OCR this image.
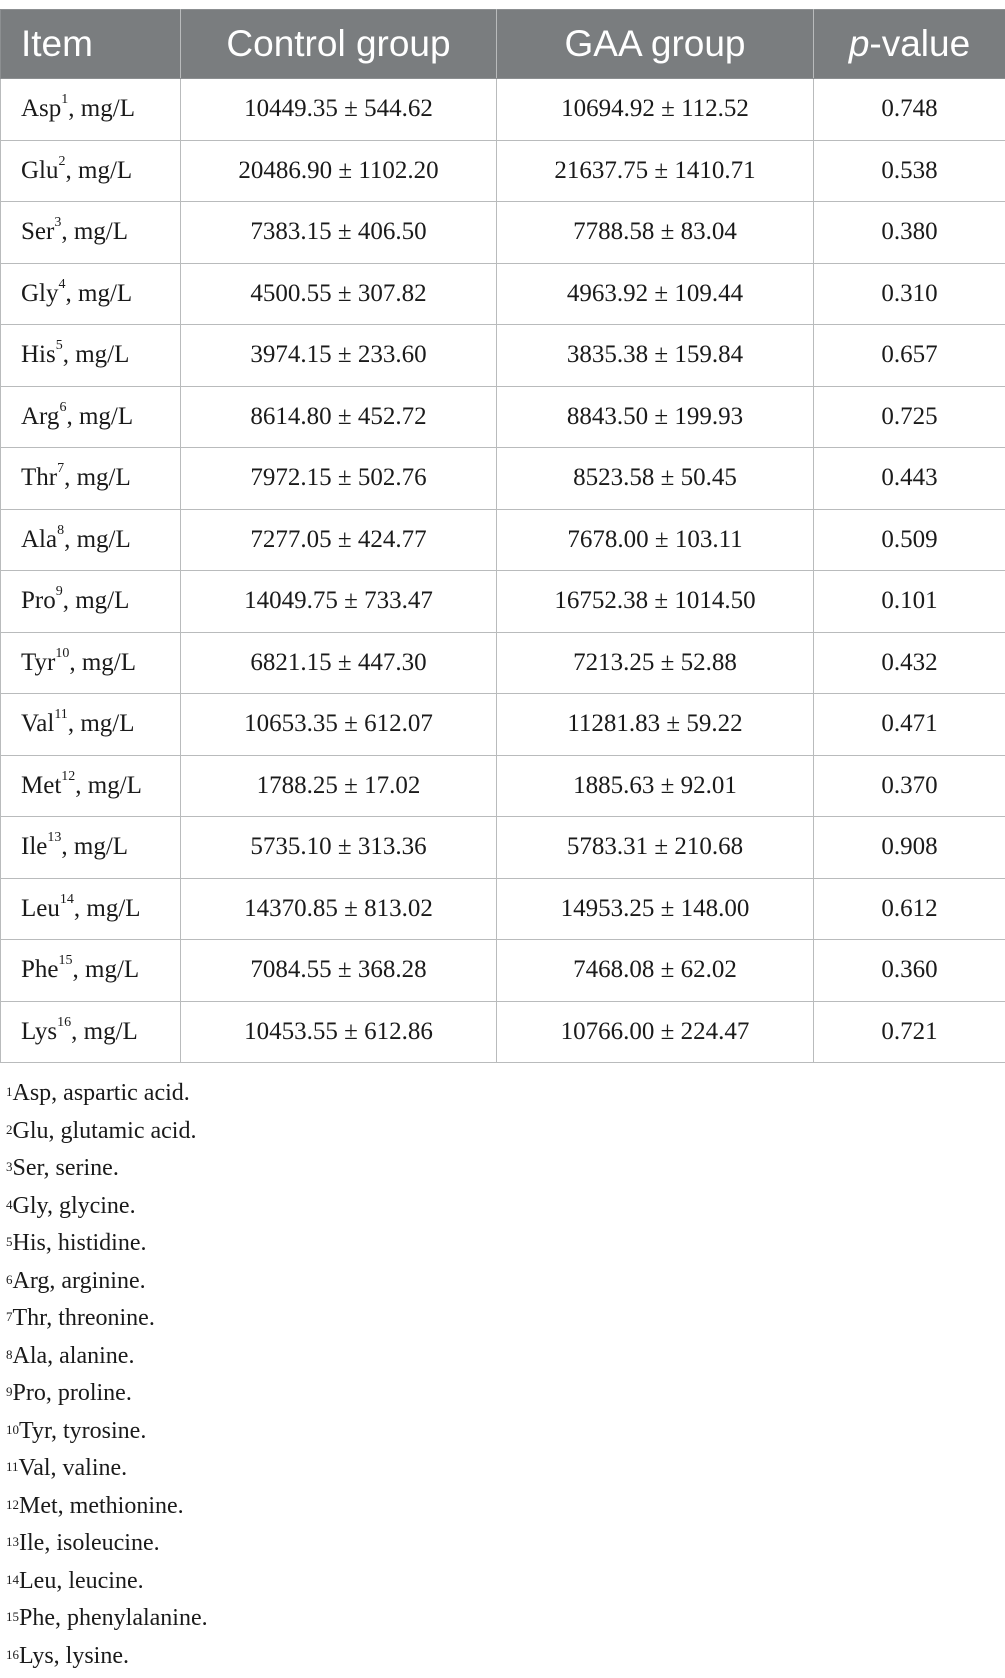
Item	Control group	GAA group	p-value
Asp$^1$, mg/L	10449.35 ± 544.62	10694.92 ± 112.52	0.748
Glu$^2$, mg/L	20486.90 ± 1102.20	21637.75 ± 1410.71	0.538
Ser$^3$, mg/L	7383.15 ± 406.50	7788.58 ± 83.04	0.380
Gly$^4$, mg/L	4500.55 ± 307.82	4963.92 ± 109.44	0.310
His$^5$, mg/L	3974.15 ± 233.60	3835.38 ± 159.84	0.657
Arg$^6$, mg/L	8614.80 ± 452.72	8843.50 ± 199.93	0.725
Thr$^7$, mg/L	7972.15 ± 502.76	8523.58 ± 50.45	0.443
Ala$^8$, mg/L	7277.05 ± 424.77	7678.00 ± 103.11	0.509
Pro$^9$, mg/L	14049.75 ± 733.47	16752.38 ± 1014.50	0.101
Tyr$^{10}$, mg/L	6821.15 ± 447.30	7213.25 ± 52.88	0.432
Val$^{11}$, mg/L	10653.35 ± 612.07	11281.83 ± 59.22	0.471
Met$^{12}$, mg/L	1788.25 ± 17.02	1885.63 ± 92.01	0.370
Ile$^{13}$, mg/L	5735.10 ± 313.36	5783.31 ± 210.68	0.908
Leu$^{14}$, mg/L	14370.85 ± 813.02	14953.25 ± 148.00	0.612
Phe$^{15}$, mg/L	7084.55 ± 368.28	7468.08 ± 62.02	0.360
Lys$^{16}$, mg/L	10453.55 ± 612.86	10766.00 ± 224.47	0.721
$^1$Asp, aspartic acid.
$^2$Glu, glutamic acid.
$^3$Ser, serine.
$^4$Gly, glycine.
$^5$His, histidine.
$^6$Arg, arginine.
$^7$Thr, threonine.
$^8$Ala, alanine.
$^9$Pro, proline.
$^{10}$Tyr, tyrosine.
$^{11}$Val, valine.
$^{12}$Met, methionine.
$^{13}$Ile, isoleucine.
$^{14}$Leu, leucine.
$^{15}$Phe, phenylalanine.
$^{16}$Lys, lysine.
